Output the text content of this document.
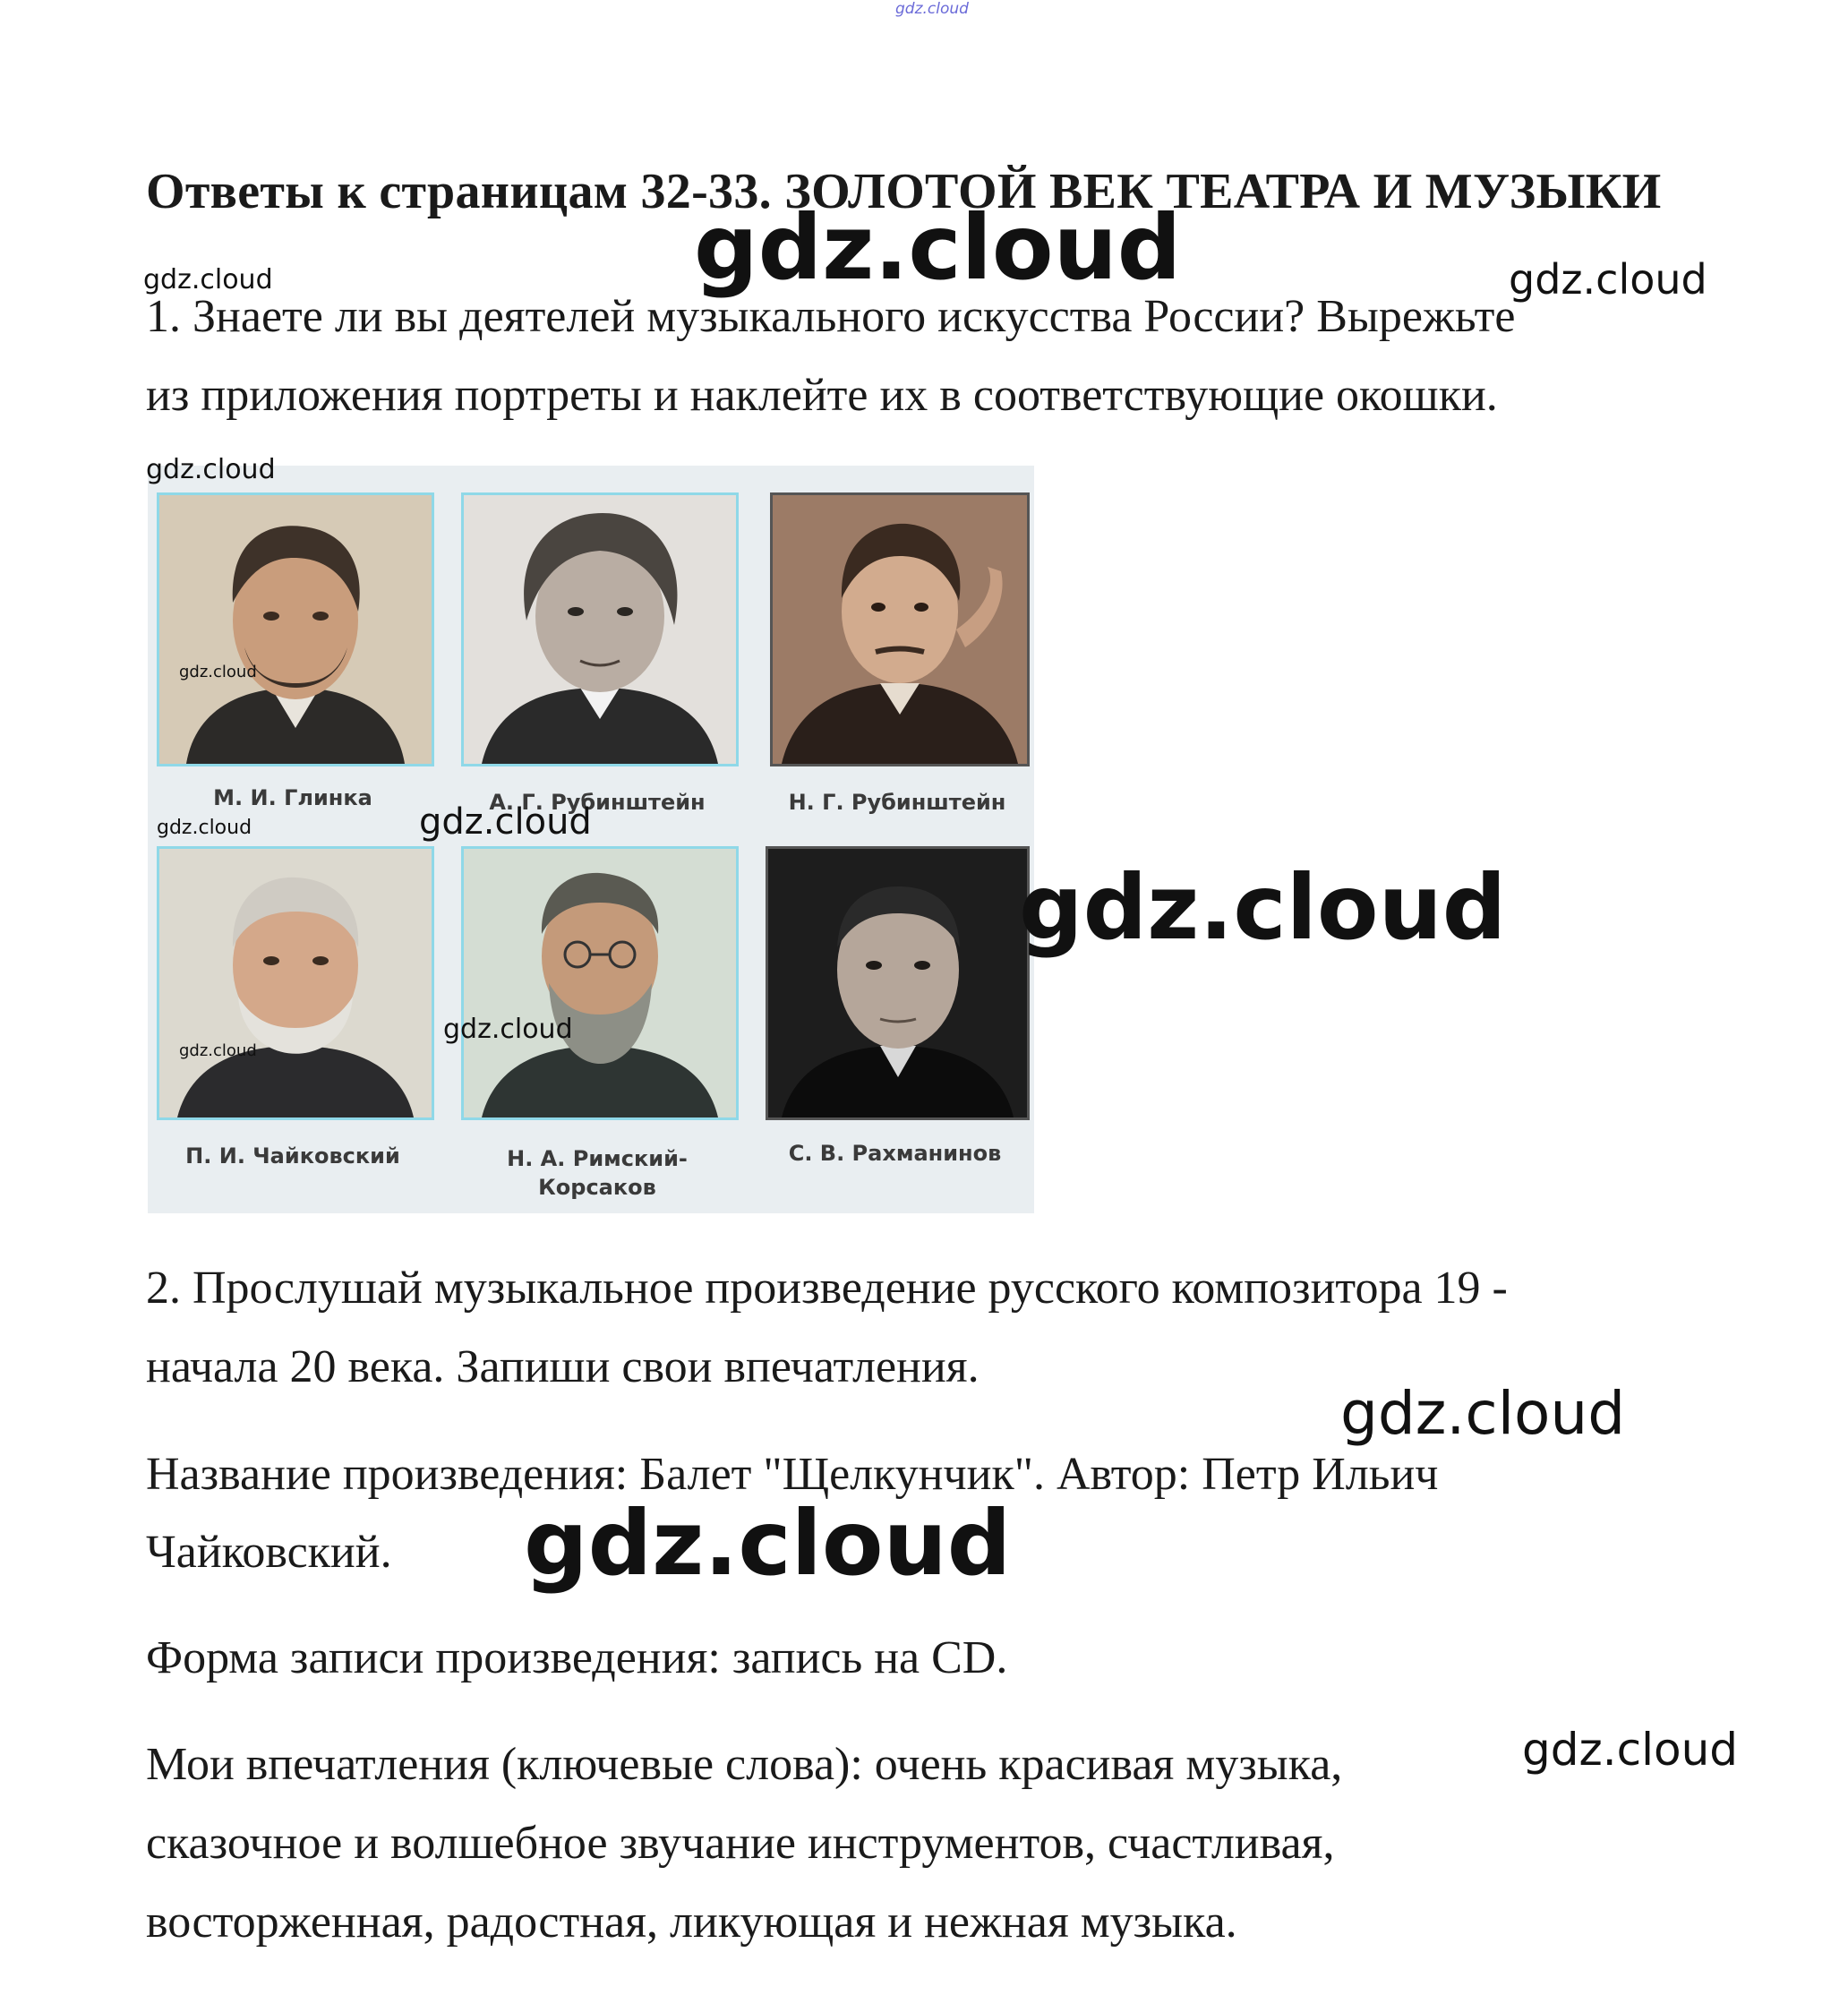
gdz.cloud
Ответы к страницам 32-33. ЗОЛОТОЙ ВЕК ТЕАТРА И МУЗЫКИ
1. Знаете ли вы деятелей музыкального искусства России? Вырежьте
из приложения портреты и наклейте их в соответствующие окошки.
М. И. Глинка	А. Г. Рубинштейн	Н. Г. Рубинштейн
П. И. Чайковский	Н. А. Римский-
Корсаков
С. В. Рахманинов
2. Прослушай музыкальное произведение русского композитора 19 -
начала 20 века. Запиши свои впечатления.
Название произведения: Балет "Щелкунчик". Автор: Петр Ильич
Чайковский.
Форма записи произведения: запись на CD.
Мои впечатления (ключевые слова): очень красивая музыка,
сказочное и волшебное звучание инструментов, счастливая,
восторженная, радостная, ликующая и нежная музыка.
gdz.cloud
gdz.cloud	gdz.cloud
gdz.cloud
gdz.cloud
gdz.cloud	gdz.cloud
gdz.cloud
gdz.cloud
gdz.cloud
gdz.cloud
gdz.cloud
gdz.cloud
